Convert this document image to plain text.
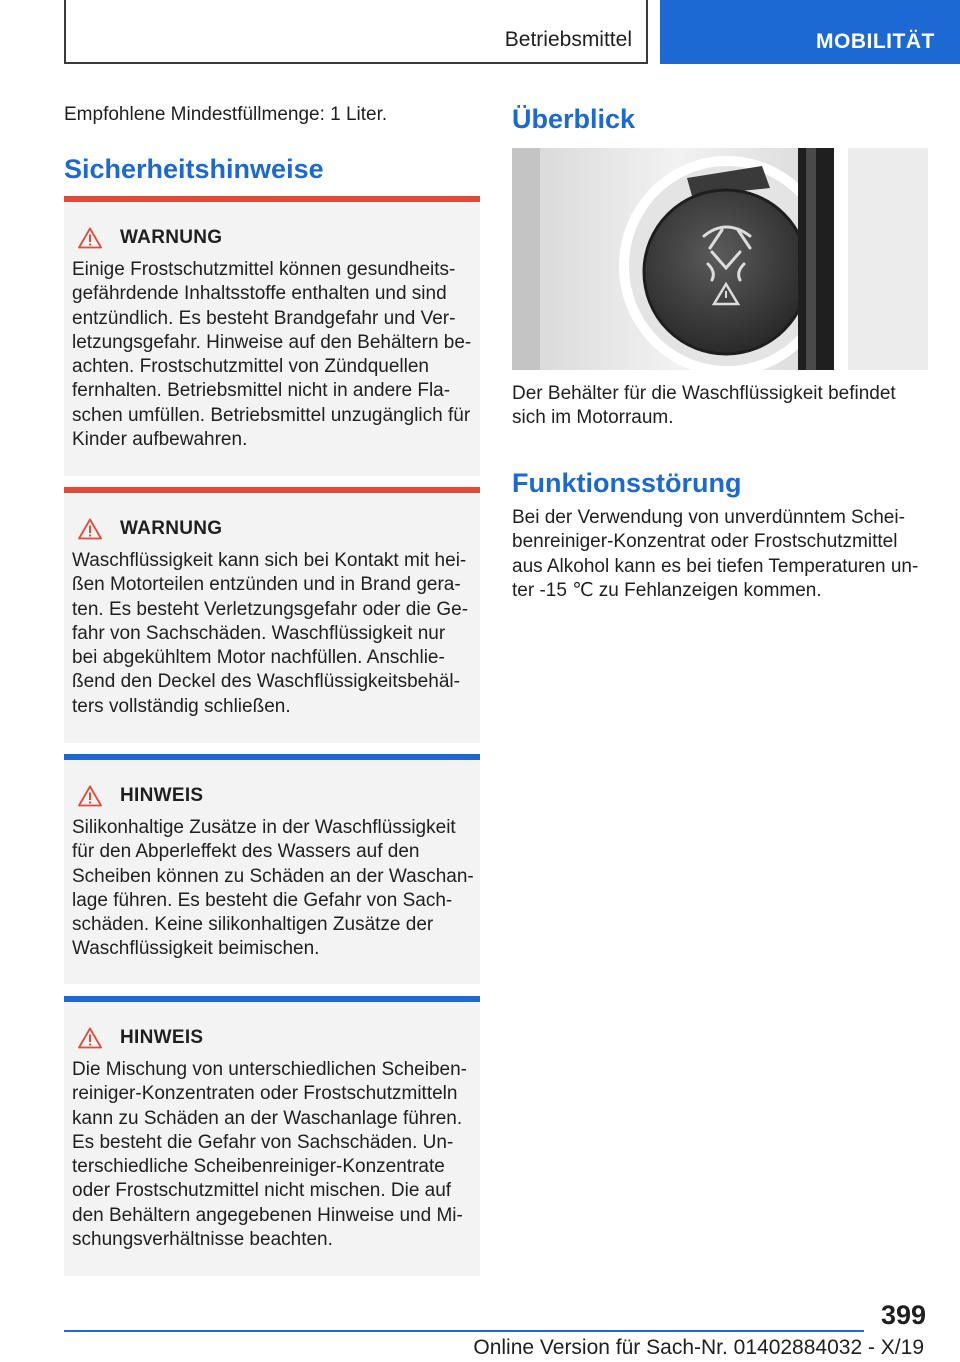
Betriebsmittel	MOBILITÄT
Empfohlene Mindestfüllmenge: 1 Liter.
Sicherheitshinweise
WARNUNG

Einige Frostschutzmittel können gesundheits-
gefährdende Inhaltsstoffe enthalten und sind
entzündlich. Es besteht Brandgefahr und Ver-
letzungsgefahr. Hinweise auf den Behältern be-
achten. Frostschutzmittel von Zündquellen
fernhalten. Betriebsmittel nicht in andere Fla-
schen umfüllen. Betriebsmittel unzugänglich für
Kinder aufbewahren.

WARNUNG

Waschflüssigkeit kann sich bei Kontakt mit hei-
ßen Motorteilen entzünden und in Brand gera-
ten. Es besteht Verletzungsgefahr oder die Ge-
fahr von Sachschäden. Waschflüssigkeit nur
bei abgekühltem Motor nachfüllen. Anschlie-
ßend den Deckel des Waschflüssigkeitsbehäl-
ters vollständig schließen.

HINWEIS

Silikonhaltige Zusätze in der Waschflüssigkeit
für den Abperleffekt des Wassers auf den
Scheiben können zu Schäden an der Waschan-
lage führen. Es besteht die Gefahr von Sach-
schäden. Keine silikonhaltigen Zusätze der
Waschflüssigkeit beimischen.

HINWEIS

Die Mischung von unterschiedlichen Scheiben-
reiniger-Konzentraten oder Frostschutzmitteln
kann zu Schäden an der Waschanlage führen.
Es besteht die Gefahr von Sachschäden. Un-
terschiedliche Scheibenreiniger-Konzentrate
oder Frostschutzmittel nicht mischen. Die auf
den Behältern angegebenen Hinweise und Mi-
schungsverhältnisse beachten.

Überblick

Der Behälter für die Waschflüssigkeit befindet
sich im Motorraum.

Funktionsstörung

Bei der Verwendung von unverdünntem Schei-
benreiniger-Konzentrat oder Frostschutzmittel
aus Alkohol kann es bei tiefen Temperaturen un-
ter -15 ℃ zu Fehlanzeigen kommen.

399
Online Version für Sach-Nr. 01402884032 - X/19
